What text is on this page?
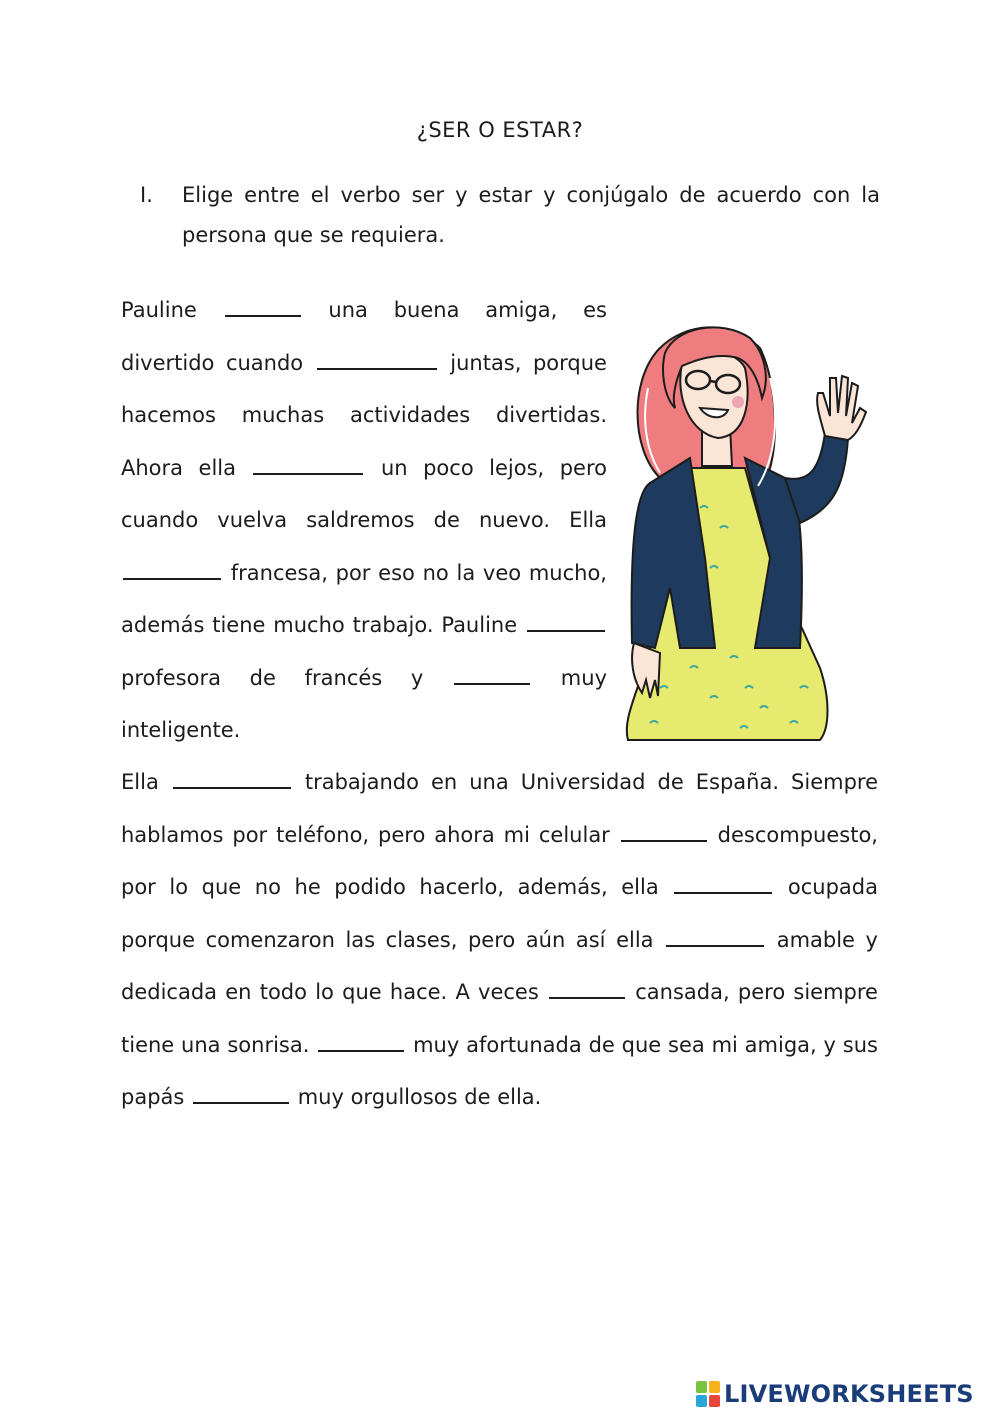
¿SER O ESTAR?
I.	Elige entre el verbo ser y estar y conjúgalo de acuerdo con la persona que se requiera.
Pauline	una buena amiga, es divertido cuando	juntas, porque hacemos muchas actividades divertidas. Ahora ella	un poco lejos, pero cuando vuelva saldremos de nuevo. Ella  francesa, por eso no la veo mucho, además tiene mucho trabajo. Pauline  profesora de francés y	muy inteligente.
Ella	trabajando en una Universidad de España. Siempre hablamos por teléfono, pero ahora mi celular	descompuesto, por lo que no he podido hacerlo, además, ella	ocupada porque comenzaron las clases, pero aún así ella	amable y dedicada en todo lo que hace. A veces	cansada, pero siempre tiene una sonrisa.	muy afortunada de que sea mi amiga, y sus papás	muy orgullosos de ella.
LIVEWORKSHEETS
